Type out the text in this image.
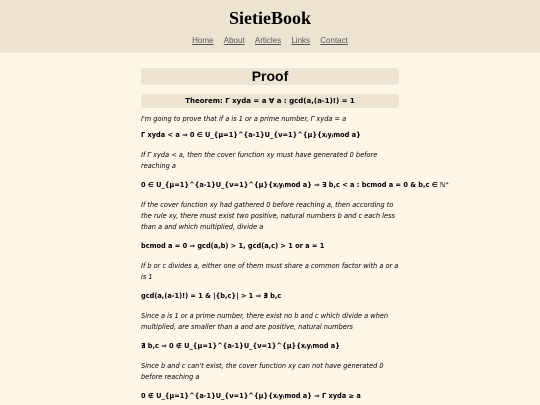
SietieBook
Home About Articles Links Contact
Proof
Theorem: Γ xyda = a ∀ a : gcd(a,(a-1)!) = 1
I'm going to prove that if a is 1 or a prime number, Γ xyda = a
Γ xyda < a ⇒ 0 ∈ U_{μ=1}^{a-1}U_{ν=1}^{μ}{xⱼyⱼmod a}
If Γ xyda < a, then the cover function xy must have generated 0 before reaching a
0 ∈ U_{μ=1}^{a-1}U_{ν=1}^{μ}{xⱼyⱼmod a} ⇒ ∃ b,c < a : bcmod a = 0 & b,c ∈ ℕ⁺
If the cover function xy had gathered 0 before reaching a, then according to the rule xy, there must exist two positive, natural numbers b and c each less than a and which multiplied, divide a
bcmod a = 0 ⇒ gcd(a,b) > 1, gcd(a,c) > 1 or a = 1
If b or c divides a, either one of them must share a common factor with a or a is 1
gcd(a,(a-1)!) = 1 & |{b,c}| > 1 ⇒ ∄ b,c
Since a is 1 or a prime number, there exist no b and c which divide a when multiplied, are smaller than a and are positive, natural numbers
∄ b,c ⇒ 0 ∉ U_{μ=1}^{a-1}U_{ν=1}^{μ}{xⱼyⱼmod a}
Since b and c can't exist, the cover function xy can not have generated 0 before reaching a
0 ∉ U_{μ=1}^{a-1}U_{ν=1}^{μ}{xⱼyⱼmod a} ⇒ Γ xyda ≥ a
